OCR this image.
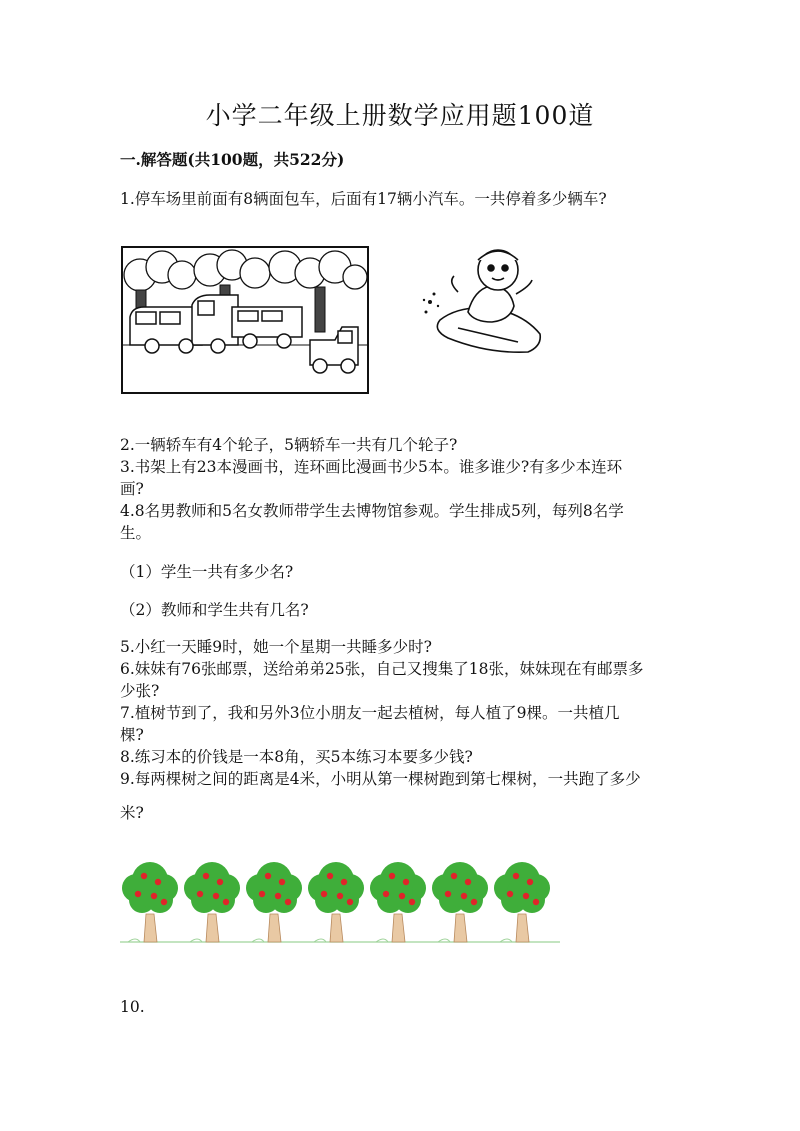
小学二年级上册数学应用题100道
一.解答题(共100题，共522分)
1.停车场里前面有8辆面包车，后面有17辆小汽车。一共停着多少辆车?
2.一辆轿车有4个轮子，5辆轿车一共有几个轮子?
3.书架上有23本漫画书，连环画比漫画书少5本。谁多谁少?有多少本连环
画?
4.8名男教师和5名女教师带学生去博物馆参观。学生排成5列，每列8名学
生。
（1）学生一共有多少名?
（2）教师和学生共有几名?
5.小红一天睡9时，她一个星期一共睡多少时?
6.妹妹有76张邮票，送给弟弟25张，自己又搜集了18张，妹妹现在有邮票多
少张?
7.植树节到了，我和另外3位小朋友一起去植树，每人植了9棵。一共植几
棵?
8.练习本的价钱是一本8角，买5本练习本要多少钱?
9.每两棵树之间的距离是4米，小明从第一棵树跑到第七棵树，一共跑了多少
米?
10.
